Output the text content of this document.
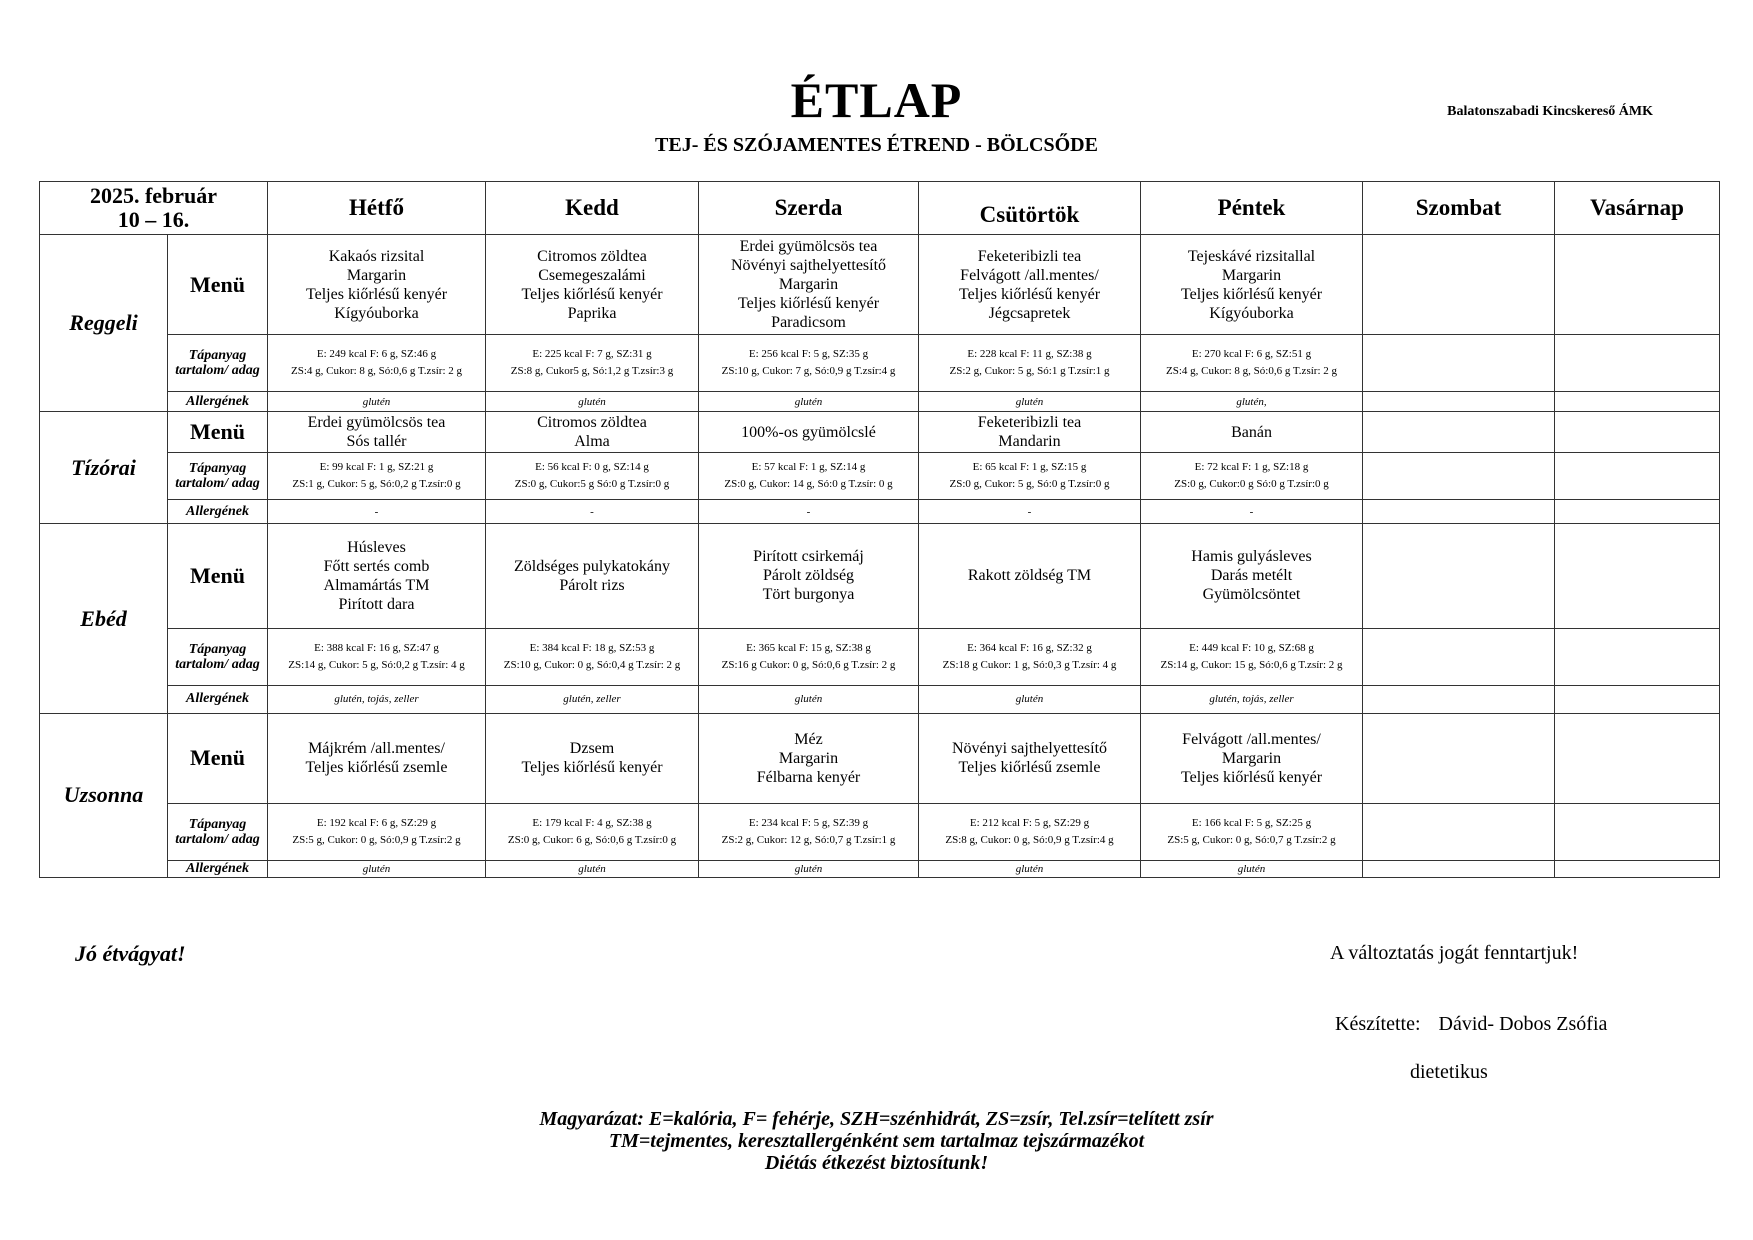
ÉTLAP
TEJ- ÉS SZÓJAMENTES ÉTREND - BÖLCSŐDE
Balatonszabadi Kincskereső ÁMK
2025. február
10 – 16.		Hétfő	Kedd	Szerda	Csütörtök	Péntek	Szombat	Vasárnap
Reggeli	Menü	Kakaós rizsital
Margarin
Teljes kiőrlésű kenyér
Kígyóuborka	Citromos zöldtea
Csemegeszalámi
Teljes kiőrlésű kenyér
Paprika	Erdei gyümölcsös tea
Növényi sajthelyettesítő
Margarin
Teljes kiőrlésű kenyér
Paradicsom	Feketeribizli tea
Felvágott /all.mentes/
Teljes kiőrlésű kenyér
Jégcsapretek	Tejeskávé rizsitallal
Margarin
Teljes kiőrlésű kenyér
Kígyóuborka		
	Tápanyag tartalom/ adag	E: 249 kcal F: 6 g, SZ:46 g
ZS:4 g, Cukor: 8 g, Só:0,6 g T.zsír: 2 g	E: 225 kcal F: 7 g, SZ:31 g
ZS:8 g, Cukor5 g, Só:1,2 g T.zsír:3 g	E: 256 kcal F: 5 g, SZ:35 g
ZS:10 g, Cukor: 7 g, Só:0,9 g T.zsír:4 g	E: 228 kcal F: 11 g, SZ:38 g
ZS:2 g, Cukor: 5 g, Só:1 g T.zsír:1 g	E: 270 kcal F: 6 g, SZ:51 g
ZS:4 g, Cukor: 8 g, Só:0,6 g T.zsír: 2 g		
	Allergének	glutén	glutén	glutén	glutén	glutén,		
Tízórai	Menü	Erdei gyümölcsös tea
Sós tallér	Citromos zöldtea
Alma	100%-os gyümölcslé	Feketeribizli tea
Mandarin	Banán		
	Tápanyag tartalom/ adag	E: 99 kcal F: 1 g, SZ:21 g
ZS:1 g, Cukor: 5 g, Só:0,2 g T.zsír:0 g	E: 56 kcal F: 0 g, SZ:14 g
ZS:0 g, Cukor:5 g Só:0 g T.zsír:0 g	E: 57 kcal F: 1 g, SZ:14 g
ZS:0 g, Cukor: 14 g, Só:0 g T.zsír: 0 g	E: 65 kcal F: 1 g, SZ:15 g
ZS:0 g, Cukor: 5 g, Só:0 g T.zsír:0 g	E: 72 kcal F: 1 g, SZ:18 g
ZS:0 g, Cukor:0 g Só:0 g T.zsír:0 g		
	Allergének	-	-	-	-	-		
Ebéd	Menü	Húsleves
Főtt sertés comb
Almamártás TM
Pirított dara	Zöldséges pulykatokány
Párolt rizs	Pirított csirkemáj
Párolt zöldség
Tört burgonya	Rakott zöldség TM	Hamis gulyásleves
Darás metélt
Gyümölcsöntet		
	Tápanyag tartalom/ adag	E: 388 kcal F: 16 g, SZ:47 g
ZS:14 g, Cukor: 5 g, Só:0,2 g T.zsír: 4 g	E: 384 kcal F: 18 g, SZ:53 g
ZS:10 g, Cukor: 0 g, Só:0,4 g T.zsír: 2 g	E: 365 kcal F: 15 g, SZ:38 g
ZS:16 g Cukor: 0 g, Só:0,6 g T.zsír: 2 g	E: 364 kcal F: 16 g, SZ:32 g
ZS:18 g Cukor: 1 g, Só:0,3 g T.zsír: 4 g	E: 449 kcal F: 10 g, SZ:68 g
ZS:14 g, Cukor: 15 g, Só:0,6 g T.zsír: 2 g		
	Allergének	glutén, tojás, zeller	glutén, zeller	glutén	glutén	glutén, tojás, zeller		
Uzsonna	Menü	Májkrém /all.mentes/
Teljes kiőrlésű zsemle	Dzsem
Teljes kiőrlésű kenyér	Méz
Margarin
Félbarna kenyér	Növényi sajthelyettesítő
Teljes kiőrlésű zsemle	Felvágott /all.mentes/
Margarin
Teljes kiőrlésű kenyér		
	Tápanyag tartalom/ adag	E: 192 kcal F: 6 g, SZ:29 g
ZS:5 g, Cukor: 0 g, Só:0,9 g T.zsír:2 g	E: 179 kcal F: 4 g, SZ:38 g
ZS:0 g, Cukor: 6 g, Só:0,6 g T.zsír:0 g	E: 234 kcal F: 5 g, SZ:39 g
ZS:2 g, Cukor: 12 g, Só:0,7 g T.zsír:1 g	E: 212 kcal F: 5 g, SZ:29 g
ZS:8 g, Cukor: 0 g, Só:0,9 g T.zsír:4 g	E: 166 kcal F: 5 g, SZ:25 g
ZS:5 g, Cukor: 0 g, Só:0,7 g T.zsír:2 g		
	Allergének	glutén	glutén	glutén	glutén	glutén		
Jó étvágyat!	A változtatás jogát fenntartjuk!
Készítette: Dávid- Dobos Zsófia
dietetikus
Magyarázat: E=kalória, F= fehérje, SZH=szénhidrát, ZS=zsír, Tel.zsír=telített zsír
TM=tejmentes, keresztallergénként sem tartalmaz tejszármazékot
Diétás étkezést biztosítunk!
